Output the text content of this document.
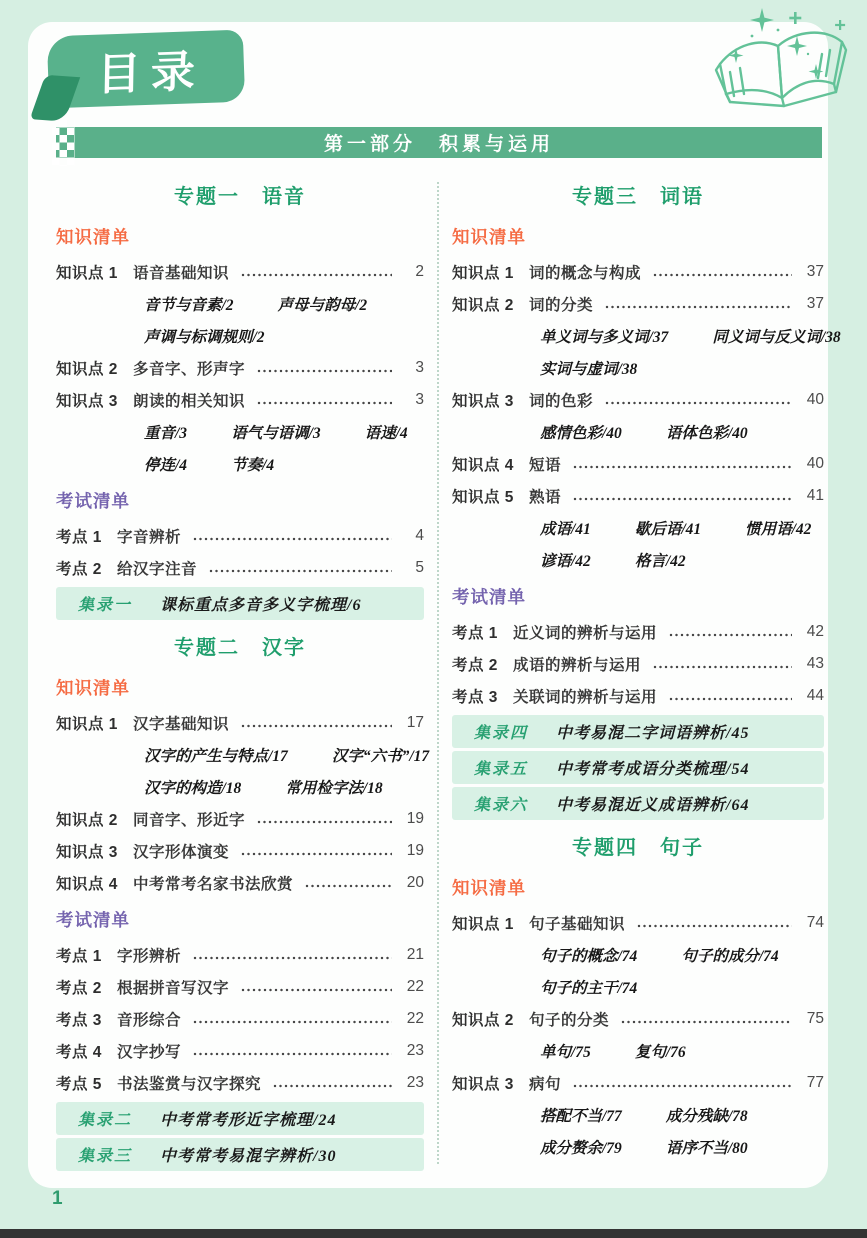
目录
第一部分　积累与运用
专题一　语音
知识清单
知识点 1 语音基础知识	2
音节与音素/2	声母与韵母/2
声调与标调规则/2
知识点 2 多音字、形声字	3
知识点 3 朗读的相关知识	3
重音/3	语气与语调/3	语速/4
停连/4	节奏/4
考试清单
考点 1 字音辨析	4
考点 2 给汉字注音	5
集录一	课标重点多音多义字梳理/6
专题二　汉字
知识清单
知识点 1 汉字基础知识	17
汉字的产生与特点/17	汉字“六书”/17
汉字的构造/18	常用检字法/18
知识点 2 同音字、形近字	19
知识点 3 汉字形体演变	19
知识点 4 中考常考名家书法欣赏	20
考试清单
考点 1 字形辨析	21
考点 2 根据拼音写汉字	22
考点 3 音形综合	22
考点 4 汉字抄写	23
考点 5 书法鉴赏与汉字探究	23
集录二	中考常考形近字梳理/24
集录三	中考常考易混字辨析/30
专题三　词语
知识清单
知识点 1 词的概念与构成	37
知识点 2 词的分类	37
单义词与多义词/37	同义词与反义词/38
实词与虚词/38
知识点 3 词的色彩	40
感情色彩/40	语体色彩/40
知识点 4 短语	40
知识点 5 熟语	41
成语/41	歇后语/41	惯用语/42
谚语/42	格言/42
考试清单
考点 1 近义词的辨析与运用	42
考点 2 成语的辨析与运用	43
考点 3 关联词的辨析与运用	44
集录四	中考易混二字词语辨析/45
集录五	中考常考成语分类梳理/54
集录六	中考易混近义成语辨析/64
专题四　句子
知识清单
知识点 1 句子基础知识	74
句子的概念/74	句子的成分/74
句子的主干/74
知识点 2 句子的分类	75
单句/75	复句/76
知识点 3 病句	77
搭配不当/77	成分残缺/78
成分赘余/79	语序不当/80
1
